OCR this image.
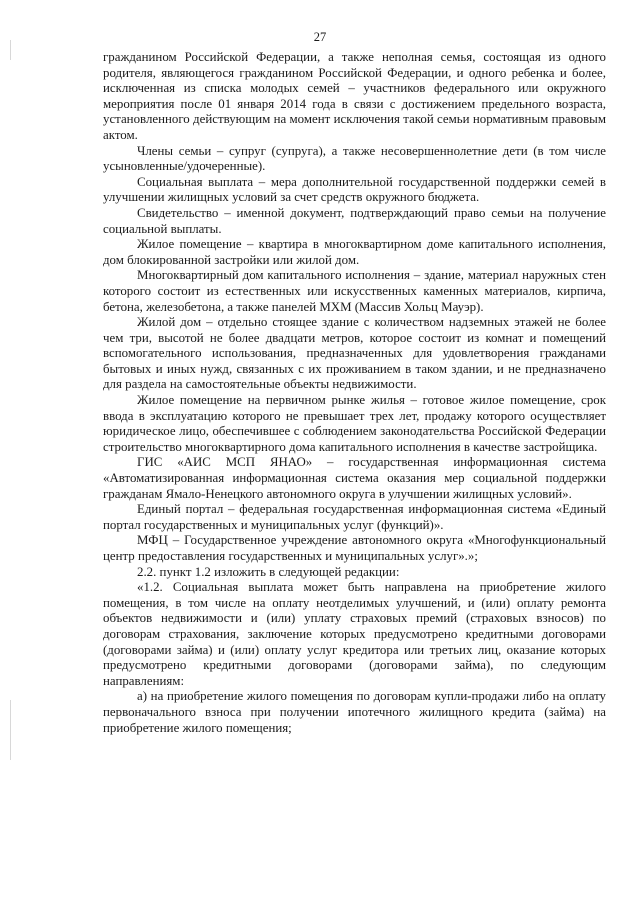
27

гражданином Российской Федерации, а также неполная семья, состоящая из одного родителя, являющегося гражданином Российской Федерации, и одного ребенка и более, исключенная из списка молодых семей – участников федерального или окружного мероприятия после 01 января 2014 года в связи с достижением предельного возраста, установленного действующим на момент исключения такой семьи нормативным правовым актом.

Члены семьи – супруг (супруга), а также несовершеннолетние дети (в том числе усыновленные/удочеренные).

Социальная выплата – мера дополнительной государственной поддержки семей в улучшении жилищных условий за счет средств окружного бюджета.

Свидетельство – именной документ, подтверждающий право семьи на получение социальной выплаты.

Жилое помещение – квартира в многоквартирном доме капитального исполнения, дом блокированной застройки или жилой дом.

Многоквартирный дом капитального исполнения – здание, материал наружных стен которого состоит из естественных или искусственных каменных материалов, кирпича, бетона, железобетона, а также панелей МХМ (Массив Хольц Мауэр).

Жилой дом – отдельно стоящее здание с количеством надземных этажей не более чем три, высотой не более двадцати метров, которое состоит из комнат и помещений вспомогательного использования, предназначенных для удовлетворения гражданами бытовых и иных нужд, связанных с их проживанием в таком здании, и не предназначено для раздела на самостоятельные объекты недвижимости.

Жилое помещение на первичном рынке жилья – готовое жилое помещение, срок ввода в эксплуатацию которого не превышает трех лет, продажу которого осуществляет юридическое лицо, обеспечившее с соблюдением законодательства Российской Федерации строительство многоквартирного дома капитального исполнения в качестве застройщика.

ГИС «АИС МСП ЯНАО» – государственная информационная система «Автоматизированная информационная система оказания мер социальной поддержки гражданам Ямало-Ненецкого автономного округа в улучшении жилищных условий».

Единый портал – федеральная государственная информационная система «Единый портал государственных и муниципальных услуг (функций)».

МФЦ – Государственное учреждение автономного округа «Многофункциональный центр предоставления государственных и муниципальных услуг».»;

2.2. пункт 1.2 изложить в следующей редакции:

«1.2. Социальная выплата может быть направлена на приобретение жилого помещения, в том числе на оплату неотделимых улучшений, и (или) оплату ремонта объектов недвижимости и (или) уплату страховых премий (страховых взносов) по договорам страхования, заключение которых предусмотрено кредитными договорами (договорами займа) и (или) оплату услуг кредитора или третьих лиц, оказание которых предусмотрено кредитными договорами (договорами займа), по следующим направлениям:

а) на приобретение жилого помещения по договорам купли-продажи либо на оплату первоначального взноса при получении ипотечного жилищного кредита (займа) на приобретение жилого помещения;
